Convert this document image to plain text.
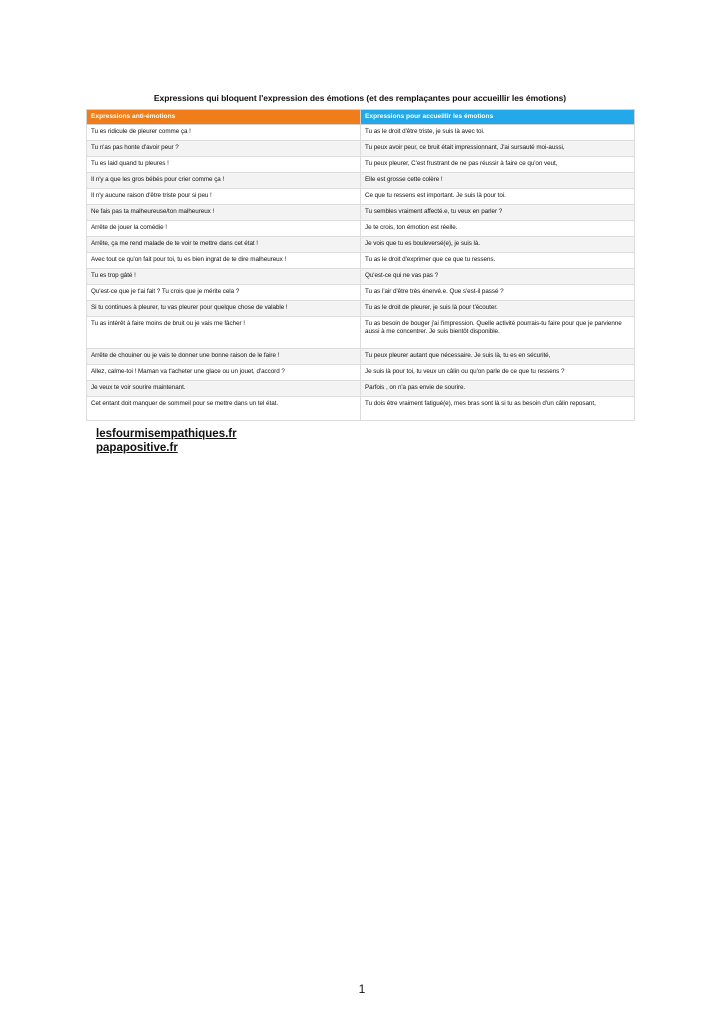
Expressions qui bloquent l'expression des émotions (et des remplaçantes pour accueillir les émotions)
Expressions anti-émotions	Expressions pour accueillir les émotions
Tu es ridicule de pleurer comme ça !	Tu as le droit d'être triste, je suis là avec toi.
Tu n'as pas honte d'avoir peur ?	Tu peux avoir peur, ce bruit était impressionnant, J'ai sursauté moi-aussi,
Tu es laid quand tu pleures !	Tu peux pleurer, C'est frustrant de ne pas réussir à faire ce qu'on veut,
Il n'y a que les gros bébés pour crier comme ça !	Elle est grosse cette colère !
Il n'y aucune raison d'être triste pour si peu !	Ce que tu ressens est important. Je suis là pour toi.
Ne fais pas ta malheureuse/ton malheureux !	Tu sembles vraiment affecté.e, tu veux en parler ?
Arrête de jouer la comédie !	Je te crois, ton émotion est réelle.
Arrête, ça me rend malade de te voir te mettre dans cet état !	Je vois que tu es bouleversé(e), je suis là.
Avec tout ce qu'on fait pour toi, tu es bien ingrat de te dire malheureux !	Tu as le droit d'exprimer que ce que tu ressens.
Tu es trop gâté !	Qu'est-ce qui ne vas pas ?
Qu'est-ce que je t'ai fait ? Tu crois que je mérite cela ?	Tu as l'air d'être très énervé.e. Que s'est-il passé ?
Si tu continues à pleurer, tu vas pleurer pour quelque chose de valable !	Tu as le droit de pleurer, je suis là pour t'écouter.
Tu as intérêt à faire moins de bruit ou je vais me fâcher !	Tu as besoin de bouger j'ai l'impression. Quelle activité pourrais-tu faire pour que je parvienne aussi à me concentrer. Je suis bientôt disponible.
Arrête de chouiner ou je vais te donner une bonne raison de le faire !	Tu peux pleurer autant que nécessaire. Je suis là, tu es en sécurité,
Allez, calme-toi ! Maman va t'acheter une glace ou un jouet, d'accord ?	Je suis là pour toi, tu veux un câlin ou qu'on parle de ce que tu ressens ?
Je veux te voir sourire maintenant.	Parfois , on n'a pas envie de sourire.
Cet entant doit manquer de sommeil pour se mettre dans un tel état.	Tu dois être vraiment fatigué(e), mes bras sont là si tu as besoin d'un câlin reposant,
lesfourmisempathiques.fr
papapositive.fr
1
